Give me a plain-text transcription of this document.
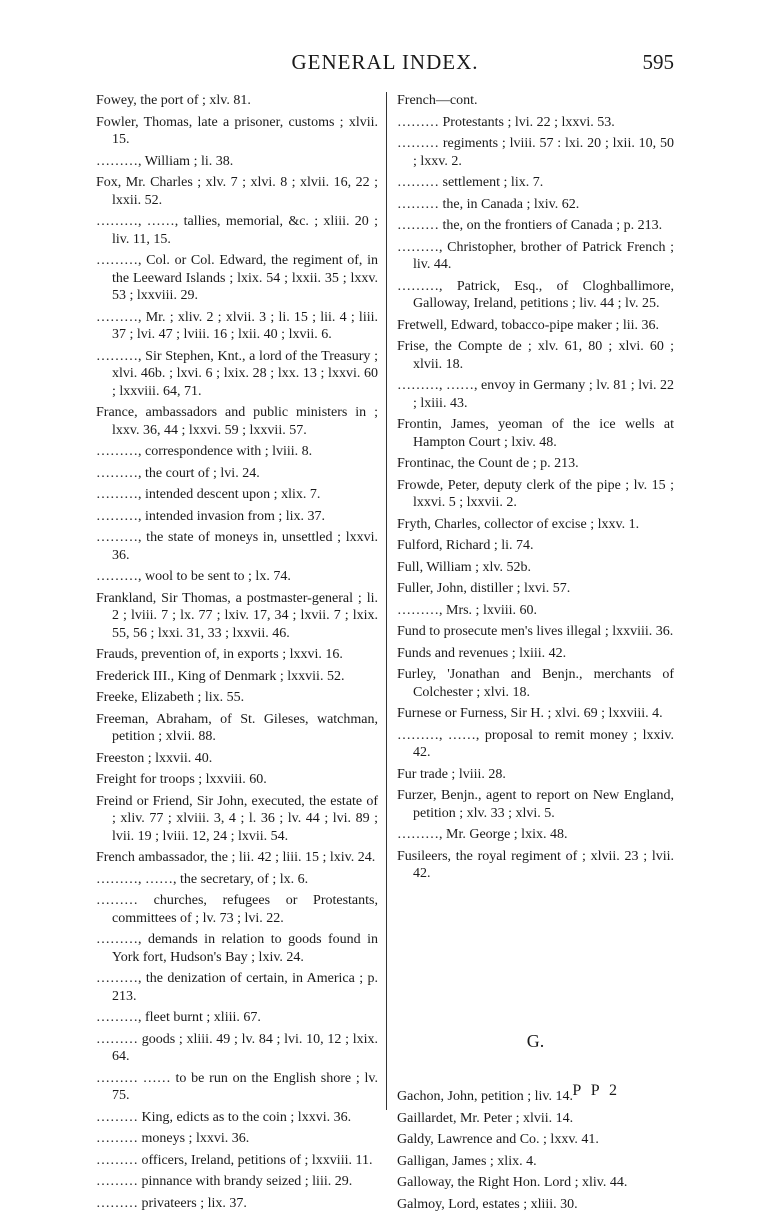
GENERAL INDEX.	595
Fowey, the port of ; xlv. 81.
Fowler, Thomas, late a prisoner, customs ; xlvii. 15.
………, William ; li. 38.
Fox, Mr. Charles ; xlv. 7 ; xlvi. 8 ; xlvii. 16, 22 ; lxxii. 52.
………, ……, tallies, memorial, &c. ; xliii. 20 ; liv. 11, 15.
………, Col. or Col. Edward, the regiment of, in the Leeward Islands ; lxix. 54 ; lxxii. 35 ; lxxv. 53 ; lxxviii. 29.
………, Mr. ; xliv. 2 ; xlvii. 3 ; li. 15 ; lii. 4 ; liii. 37 ; lvi. 47 ; lviii. 16 ; lxii. 40 ; lxvii. 6.
………, Sir Stephen, Knt., a lord of the Treasury ; xlvi. 46b. ; lxvi. 6 ; lxix. 28 ; lxx. 13 ; lxxvi. 60 ; lxxviii. 64, 71.
France, ambassadors and public ministers in ; lxxv. 36, 44 ; lxxvi. 59 ; lxxvii. 57.
………, correspondence with ; lviii. 8.
………, the court of ; lvi. 24.
………, intended descent upon ; xlix. 7.
………, intended invasion from ; lix. 37.
………, the state of moneys in, unsettled ; lxxvi. 36.
………, wool to be sent to ; lx. 74.
Frankland, Sir Thomas, a postmaster-general ; li. 2 ; lviii. 7 ; lx. 77 ; lxiv. 17, 34 ; lxvii. 7 ; lxix. 55, 56 ; lxxi. 31, 33 ; lxxvii. 46.
Frauds, prevention of, in exports ; lxxvi. 16.
Frederick III., King of Denmark ; lxxvii. 52.
Freeke, Elizabeth ; lix. 55.
Freeman, Abraham, of St. Gileses, watchman, petition ; xlvii. 88.
Freeston ; lxxvii. 40.
Freight for troops ; lxxviii. 60.
Freind or Friend, Sir John, executed, the estate of ; xliv. 77 ; xlviii. 3, 4 ; l. 36 ; lv. 44 ; lvi. 89 ; lvii. 19 ; lviii. 12, 24 ; lxvii. 54.
French ambassador, the ; lii. 42 ; liii. 15 ; lxiv. 24.
………, ……, the secretary, of ; lx. 6.
……… churches, refugees or Protestants, committees of ; lv. 73 ; lvi. 22.
………, demands in relation to goods found in York fort, Hudson's Bay ; lxiv. 24.
………, the denization of certain, in America ; p. 213.
………, fleet burnt ; xliii. 67.
……… goods ; xliii. 49 ; lv. 84 ; lvi. 10, 12 ; lxix. 64.
……… …… to be run on the English shore ; lv. 75.
……… King, edicts as to the coin ; lxxvi. 36.
……… moneys ; lxxvi. 36.
……… officers, Ireland, petitions of ; lxxviii. 11.
……… pinnance with brandy seized ; liii. 29.
……… privateers ; lix. 37.
French—cont.
……… Protestants ; lvi. 22 ; lxxvi. 53.
……… regiments ; lviii. 57 : lxi. 20 ; lxii. 10, 50 ; lxxv. 2.
……… settlement ; lix. 7.
……… the, in Canada ; lxiv. 62.
……… the, on the frontiers of Canada ; p. 213.
………, Christopher, brother of Patrick French ; liv. 44.
………, Patrick, Esq., of Cloghballimore, Galloway, Ireland, petitions ; liv. 44 ; lv. 25.
Fretwell, Edward, tobacco-pipe maker ; lii. 36.
Frise, the Compte de ; xlv. 61, 80 ; xlvi. 60 ; xlvii. 18.
………, ……, envoy in Germany ; lv. 81 ; lvi. 22 ; lxiii. 43.
Frontin, James, yeoman of the ice wells at Hampton Court ; lxiv. 48.
Frontinac, the Count de ; p. 213.
Frowde, Peter, deputy clerk of the pipe ; lv. 15 ; lxxvi. 5 ; lxxvii. 2.
Fryth, Charles, collector of excise ; lxxv. 1.
Fulford, Richard ; li. 74.
Full, William ; xlv. 52b.
Fuller, John, distiller ; lxvi. 57.
………, Mrs. ; lxviii. 60.
Fund to prosecute men's lives illegal ; lxxviii. 36.
Funds and revenues ; lxiii. 42.
Furley, 'Jonathan and Benjn., merchants of Colchester ; xlvi. 18.
Furnese or Furness, Sir H. ; xlvi. 69 ; lxxviii. 4.
………, ……, proposal to remit money ; lxxiv. 42.
Fur trade ; lviii. 28.
Furzer, Benjn., agent to report on New England, petition ; xlv. 33 ; xlvi. 5.
………, Mr. George ; lxix. 48.
Fusileers, the royal regiment of ; xlvii. 23 ; lvii. 42.
G.
Gachon, John, petition ; liv. 14.
Gaillardet, Mr. Peter ; xlvii. 14.
Galdy, Lawrence and Co. ; lxxv. 41.
Galligan, James ; xlix. 4.
Galloway, the Right Hon. Lord ; xliv. 44.
Galmoy, Lord, estates ; xliii. 30.
P P 2
